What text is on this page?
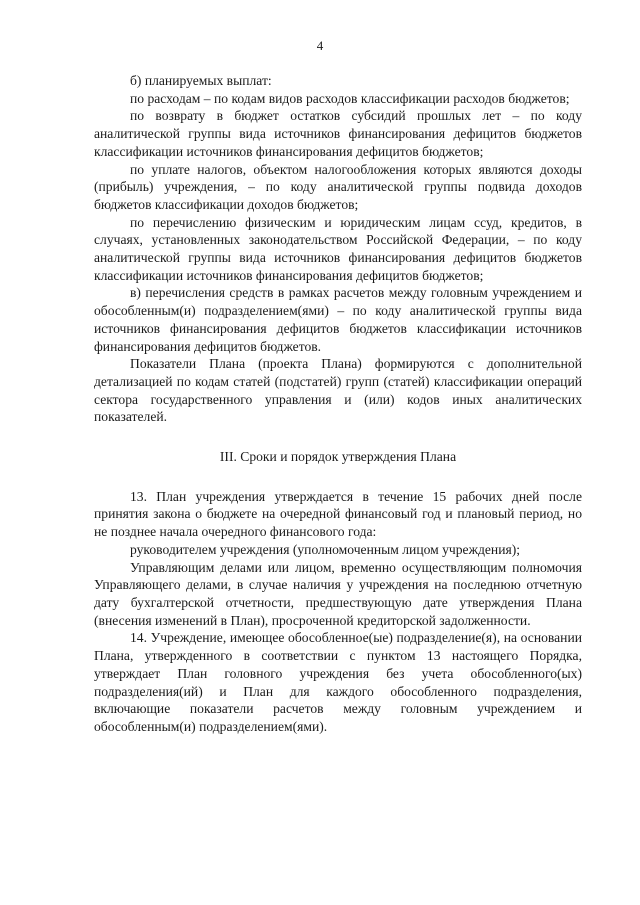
4

б) планируемых выплат:

по расходам – по кодам видов расходов классификации расходов бюджетов;

по возврату в бюджет остатков субсидий прошлых лет – по коду аналитической группы вида источников финансирования дефицитов бюджетов классификации источников финансирования дефицитов бюджетов;

по уплате налогов, объектом налогообложения которых являются доходы (прибыль) учреждения, – по коду аналитической группы подвида доходов бюджетов классификации доходов бюджетов;

по перечислению физическим и юридическим лицам ссуд, кредитов, в случаях, установленных законодательством Российской Федерации, – по коду аналитической группы вида источников финансирования дефицитов бюджетов классификации источников финансирования дефицитов бюджетов;

в) перечисления средств в рамках расчетов между головным учреждением и обособленным(и) подразделением(ями) – по коду аналитической группы вида источников финансирования дефицитов бюджетов классификации источников финансирования дефицитов бюджетов.

Показатели Плана (проекта Плана) формируются с дополнительной детализацией по кодам статей (подстатей) групп (статей) классификации операций сектора государственного управления и (или) кодов иных аналитических показателей.

III. Сроки и порядок утверждения Плана

13. План учреждения утверждается в течение 15 рабочих дней после принятия закона о бюджете на очередной финансовый год и плановый период, но не позднее начала очередного финансового года:

руководителем учреждения (уполномоченным лицом учреждения);

Управляющим делами или лицом, временно осуществляющим полномочия Управляющего делами, в случае наличия у учреждения на последнюю отчетную дату бухгалтерской отчетности, предшествующую дате утверждения Плана (внесения изменений в План), просроченной кредиторской задолженности.

14. Учреждение, имеющее обособленное(ые) подразделение(я), на основании Плана, утвержденного в соответствии с пунктом 13 настоящего Порядка, утверждает План головного учреждения без учета обособленного(ых) подразделения(ий) и План для каждого обособленного подразделения, включающие показатели расчетов между головным учреждением и обособленным(и) подразделением(ями).
